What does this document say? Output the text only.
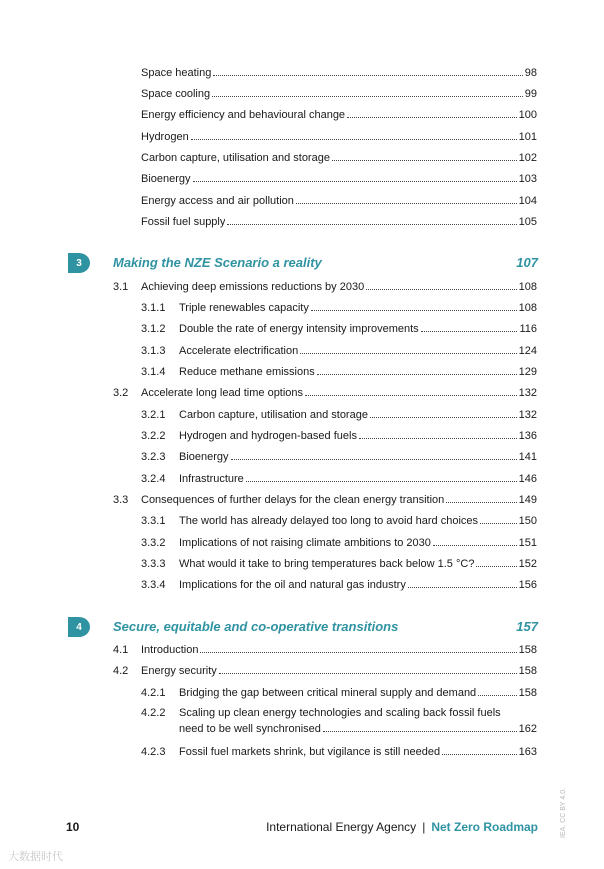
Space heating	98
Space cooling	99
Energy efficiency and behavioural change	100
Hydrogen	101
Carbon capture, utilisation and storage	102
Bioenergy	103
Energy access and air pollution	104
Fossil fuel supply	105
3	Making the NZE Scenario a reality	107
3.1	Achieving deep emissions reductions by 2030	108
3.1.1	Triple renewables capacity	108
3.1.2	Double the rate of energy intensity improvements	116
3.1.3	Accelerate electrification	124
3.1.4	Reduce methane emissions	129
3.2	Accelerate long lead time options	132
3.2.1	Carbon capture, utilisation and storage	132
3.2.2	Hydrogen and hydrogen-based fuels	136
3.2.3	Bioenergy	141
3.2.4	Infrastructure	146
3.3	Consequences of further delays for the clean energy transition	149
3.3.1	The world has already delayed too long to avoid hard choices	150
3.3.2	Implications of not raising climate ambitions to 2030	151
3.3.3	What would it take to bring temperatures back below 1.5 °C?	152
3.3.4	Implications for the oil and natural gas industry	156
4	Secure, equitable and co-operative transitions	157
4.1	Introduction	158
4.2	Energy security	158
4.2.1	Bridging the gap between critical mineral supply and demand	158
4.2.2	Scaling up clean energy technologies and scaling back fossil fuels
need to be well synchronised	162
4.2.3	Fossil fuel markets shrink, but vigilance is still needed	163
IEA. CC BY 4.0.
10	International Energy Agency | Net Zero Roadmap
大数据时代
